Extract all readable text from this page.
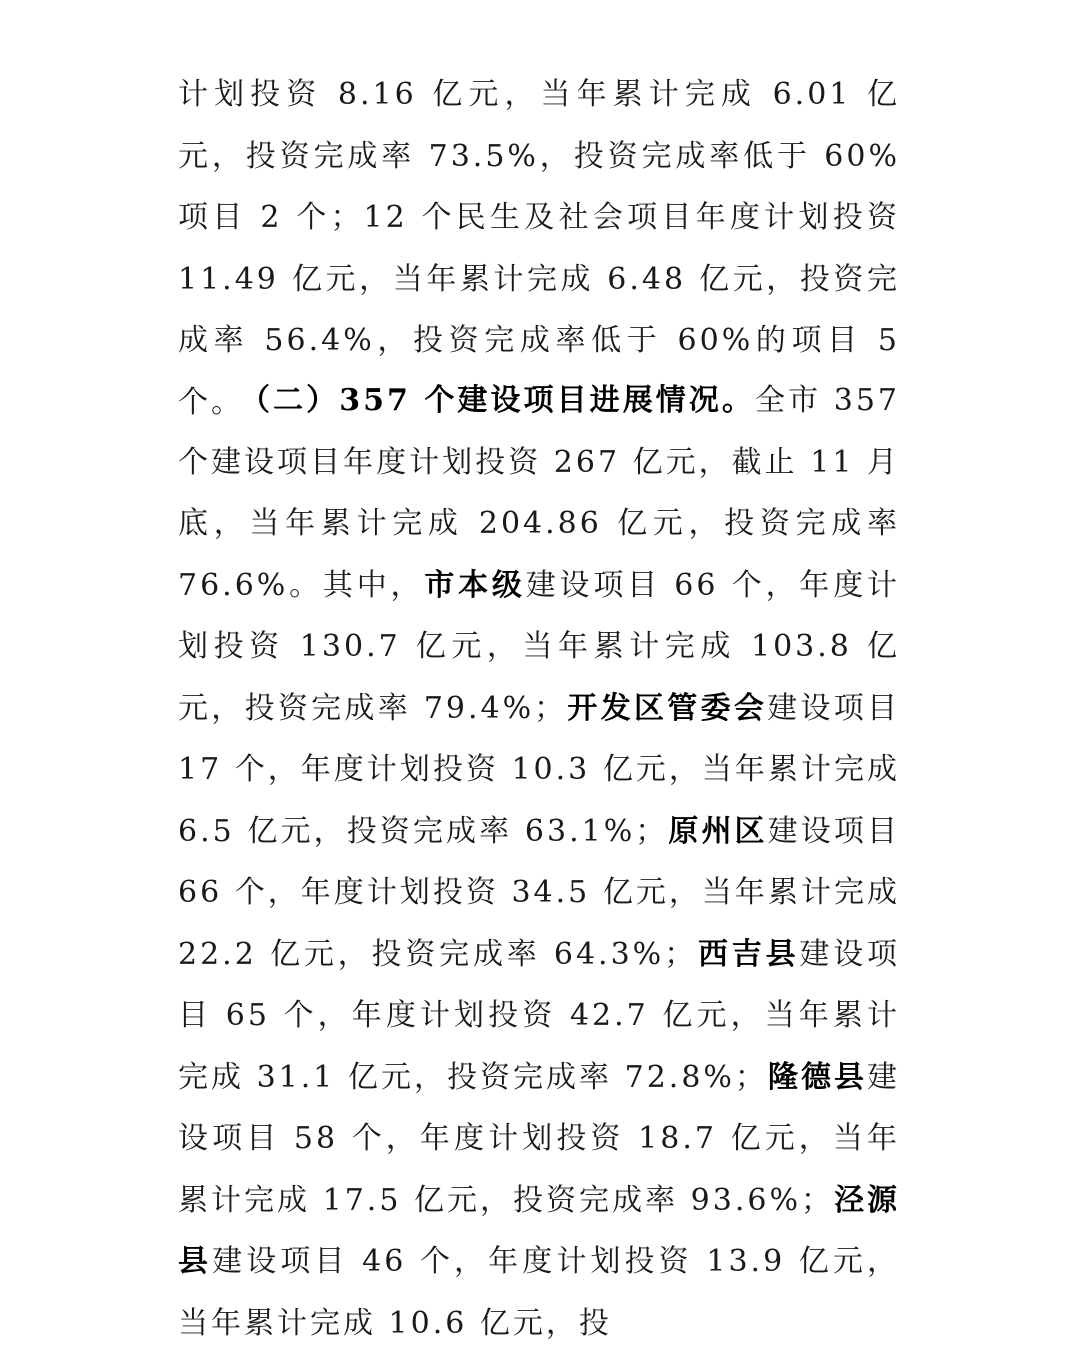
计划投资 8.16 亿元，当年累计完成 6.01 亿元，投资完成率 73.5%，投资完成率低于 60%项目 2 个；12 个民生及社会项目年度计划投资 11.49 亿元，当年累计完成 6.48 亿元，投资完成率 56.4%，投资完成率低于 60%的项目 5 个。

（二）357 个建设项目进展情况。全市 357 个建设项目年度计划投资 267 亿元，截止 11 月底，当年累计完成 204.86 亿元，投资完成率 76.6%。其中，市本级建设项目 66 个，年度计划投资 130.7 亿元，当年累计完成 103.8 亿元，投资完成率 79.4%；开发区管委会建设项目 17 个，年度计划投资 10.3 亿元，当年累计完成 6.5 亿元，投资完成率 63.1%；原州区建设项目 66 个，年度计划投资 34.5 亿元，当年累计完成 22.2 亿元，投资完成率 64.3%；西吉县建设项目 65 个，年度计划投资 42.7 亿元，当年累计完成 31.1 亿元，投资完成率 72.8%；隆德县建设项目 58 个，年度计划投资 18.7 亿元，当年累计完成 17.5 亿元，投资完成率 93.6%；泾源县建设项目 46 个，年度计划投资 13.9 亿元，当年累计完成 10.6 亿元，投
